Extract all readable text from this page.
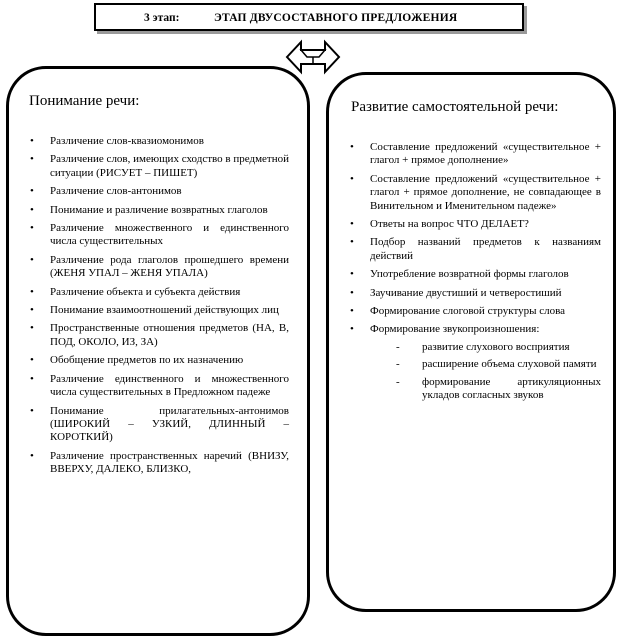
3 этап:	ЭТАП ДВУСОСТАВНОГО ПРЕДЛОЖЕНИЯ
Понимание речи:
• Различение слов-квазиомонимов
• Различение слов, имеющих сходство в предметной ситуации (РИСУЕТ – ПИШЕТ)
• Различение слов-антонимов
• Понимание и различение возвратных глаголов
• Различение множественного и единственного числа существительных
• Различение рода глаголов прошедшего времени (ЖЕНЯ УПАЛ – ЖЕНЯ УПАЛА)
• Различение объекта и субъекта действия
• Понимание взаимоотношений действующих лиц
• Пространственные отношения предметов (НА, В, ПОД, ОКОЛО, ИЗ, ЗА)
• Обобщение предметов по их назначению
• Различение единственного и множественного числа существительных в Предложном падеже
• Понимание прилагательных-антонимов (ШИРОКИЙ – УЗКИЙ, ДЛИННЫЙ – КОРОТКИЙ)
• Различение пространственных наречий (ВНИЗУ, ВВЕРХУ, ДАЛЕКО, БЛИЗКО,
Развитие самостоятельной речи:
• Составление предложений «существительное + глагол + прямое дополнение»
• Составление предложений «существительное + глагол + прямое дополнение, не совпадающее в Винительном и Именительном падеже»
• Ответы на вопрос ЧТО ДЕЛАЕТ?
• Подбор названий предметов к названиям действий
• Употребление возвратной формы глаголов
• Заучивание двустиший и четверостиший
• Формирование слоговой структуры слова
• Формирование звукопроизношения:
- развитие слухового восприятия
- расширение объема слуховой памяти
- формирование артикуляционных укладов согласных звуков
